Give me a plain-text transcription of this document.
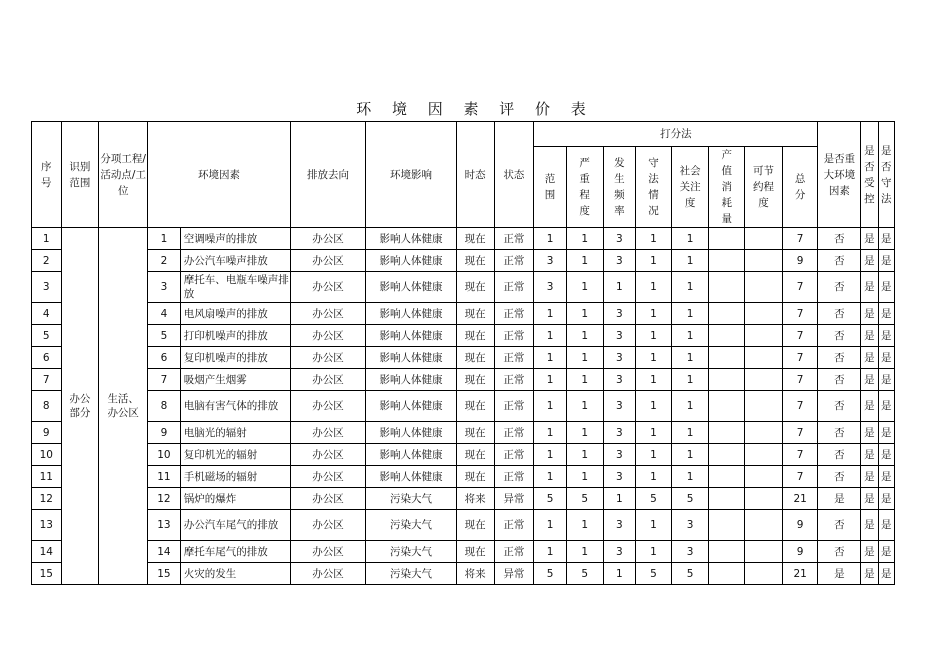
环 境 因 素 评 价 表
序号	识别范围	分项工程/活动点/工位	环境因素		排放去向	环境影响	时态	状态	打分法								是否重大环境因素	是否受控	是否守法
									范围	严重程度	发生频率	守法情况	社会关注度	产值消耗量	可节约程度	总分			
1	办公部分	生活、办公区	1	空调噪声的排放	办公区	影响人体健康	现在	正常	1	1	3	1	1			7	否	是	是
2			2	办公汽车噪声排放	办公区	影响人体健康	现在	正常	3	1	3	1	1			9	否	是	是
3			3	摩托车、电瓶车噪声排放	办公区	影响人体健康	现在	正常	3	1	1	1	1			7	否	是	是
4			4	电风扇噪声的排放	办公区	影响人体健康	现在	正常	1	1	3	1	1			7	否	是	是
5			5	打印机噪声的排放	办公区	影响人体健康	现在	正常	1	1	3	1	1			7	否	是	是
6			6	复印机噪声的排放	办公区	影响人体健康	现在	正常	1	1	3	1	1			7	否	是	是
7			7	吸烟产生烟雾	办公区	影响人体健康	现在	正常	1	1	3	1	1			7	否	是	是
8			8	电脑有害气体的排放	办公区	影响人体健康	现在	正常	1	1	3	1	1			7	否	是	是
9			9	电脑光的辐射	办公区	影响人体健康	现在	正常	1	1	3	1	1			7	否	是	是
10			10	复印机光的辐射	办公区	影响人体健康	现在	正常	1	1	3	1	1			7	否	是	是
11			11	手机磁场的辐射	办公区	影响人体健康	现在	正常	1	1	3	1	1			7	否	是	是
12			12	锅炉的爆炸	办公区	污染大气	将来	异常	5	5	1	5	5			21	是	是	是
13			13	办公汽车尾气的排放	办公区	污染大气	现在	正常	1	1	3	1	3			9	否	是	是
14			14	摩托车尾气的排放	办公区	污染大气	现在	正常	1	1	3	1	3			9	否	是	是
15			15	火灾的发生	办公区	污染大气	将来	异常	5	5	1	5	5			21	是	是	是
